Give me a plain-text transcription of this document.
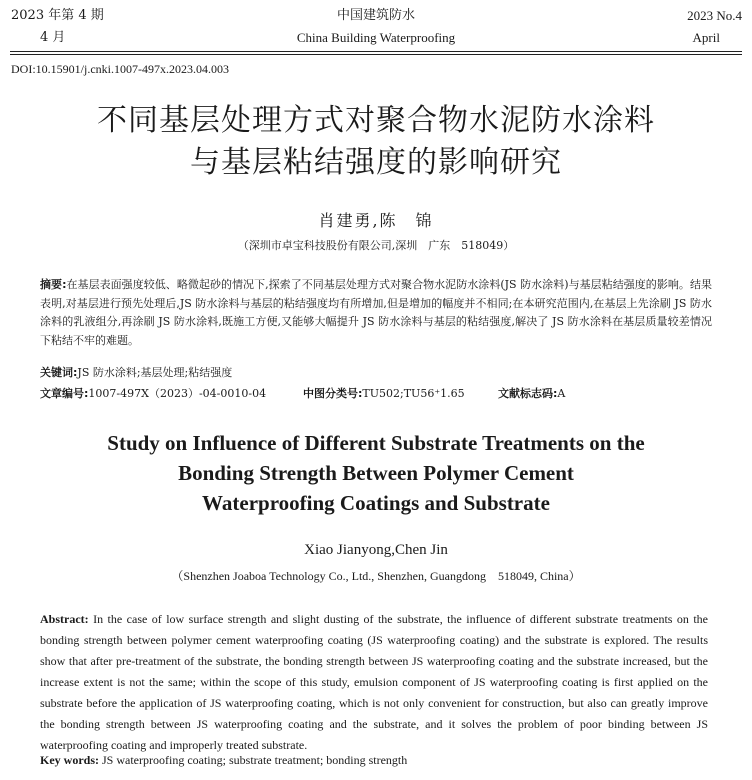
2023 年第 4 期
4 月
中国建筑防水
China Building Waterproofing
2023 No.4
April
DOI:10.15901/j.cnki.1007-497x.2023.04.003
不同基层处理方式对聚合物水泥防水涂料
与基层粘结强度的影响研究
肖建勇,陈　锦
（深圳市卓宝科技股份有限公司,深圳　广东　518049）
摘要:在基层表面强度较低、略微起砂的情况下,探索了不同基层处理方式对聚合物水泥防水涂料(JS 防水涂料)与基层粘结强度的影响。结果表明,对基层进行预先处理后,JS 防水涂料与基层的粘结强度均有所增加,但是增加的幅度并不相同;在本研究范围内,在基层上先涂刷 JS 防水涂料的乳液组分,再涂刷 JS 防水涂料,既施工方便,又能够大幅提升 JS 防水涂料与基层的粘结强度,解决了 JS 防水涂料在基层质量较差情况下粘结不牢的难题。
关键词:JS 防水涂料;基层处理;粘结强度
文章编号:1007-497X（2023）-04-0010-04	中图分类号:TU502;TU56⁺1.65	文献标志码:A
Study on Influence of Different Substrate Treatments on the
Bonding Strength Between Polymer Cement
Waterproofing Coatings and Substrate
Xiao Jianyong,Chen Jin
（Shenzhen Joaboa Technology Co., Ltd., Shenzhen, Guangdong　518049, China）
Abstract: In the case of low surface strength and slight dusting of the substrate, the influence of different substrate treatments on the bonding strength between polymer cement waterproofing coating (JS waterproofing coating) and the substrate is explored. The results show that after pre-treatment of the substrate, the bonding strength between JS waterproofing coating and the substrate increased, but the increase extent is not the same; within the scope of this study, emulsion component of JS waterproofing coating is first applied on the substrate before the application of JS waterproofing coating, which is not only convenient for construction, but also can greatly improve the bonding strength between JS waterproofing coating and the substrate, and it solves the problem of poor binding between JS waterproofing coating and improperly treated substrate.
Key words: JS waterproofing coating; substrate treatment; bonding strength
